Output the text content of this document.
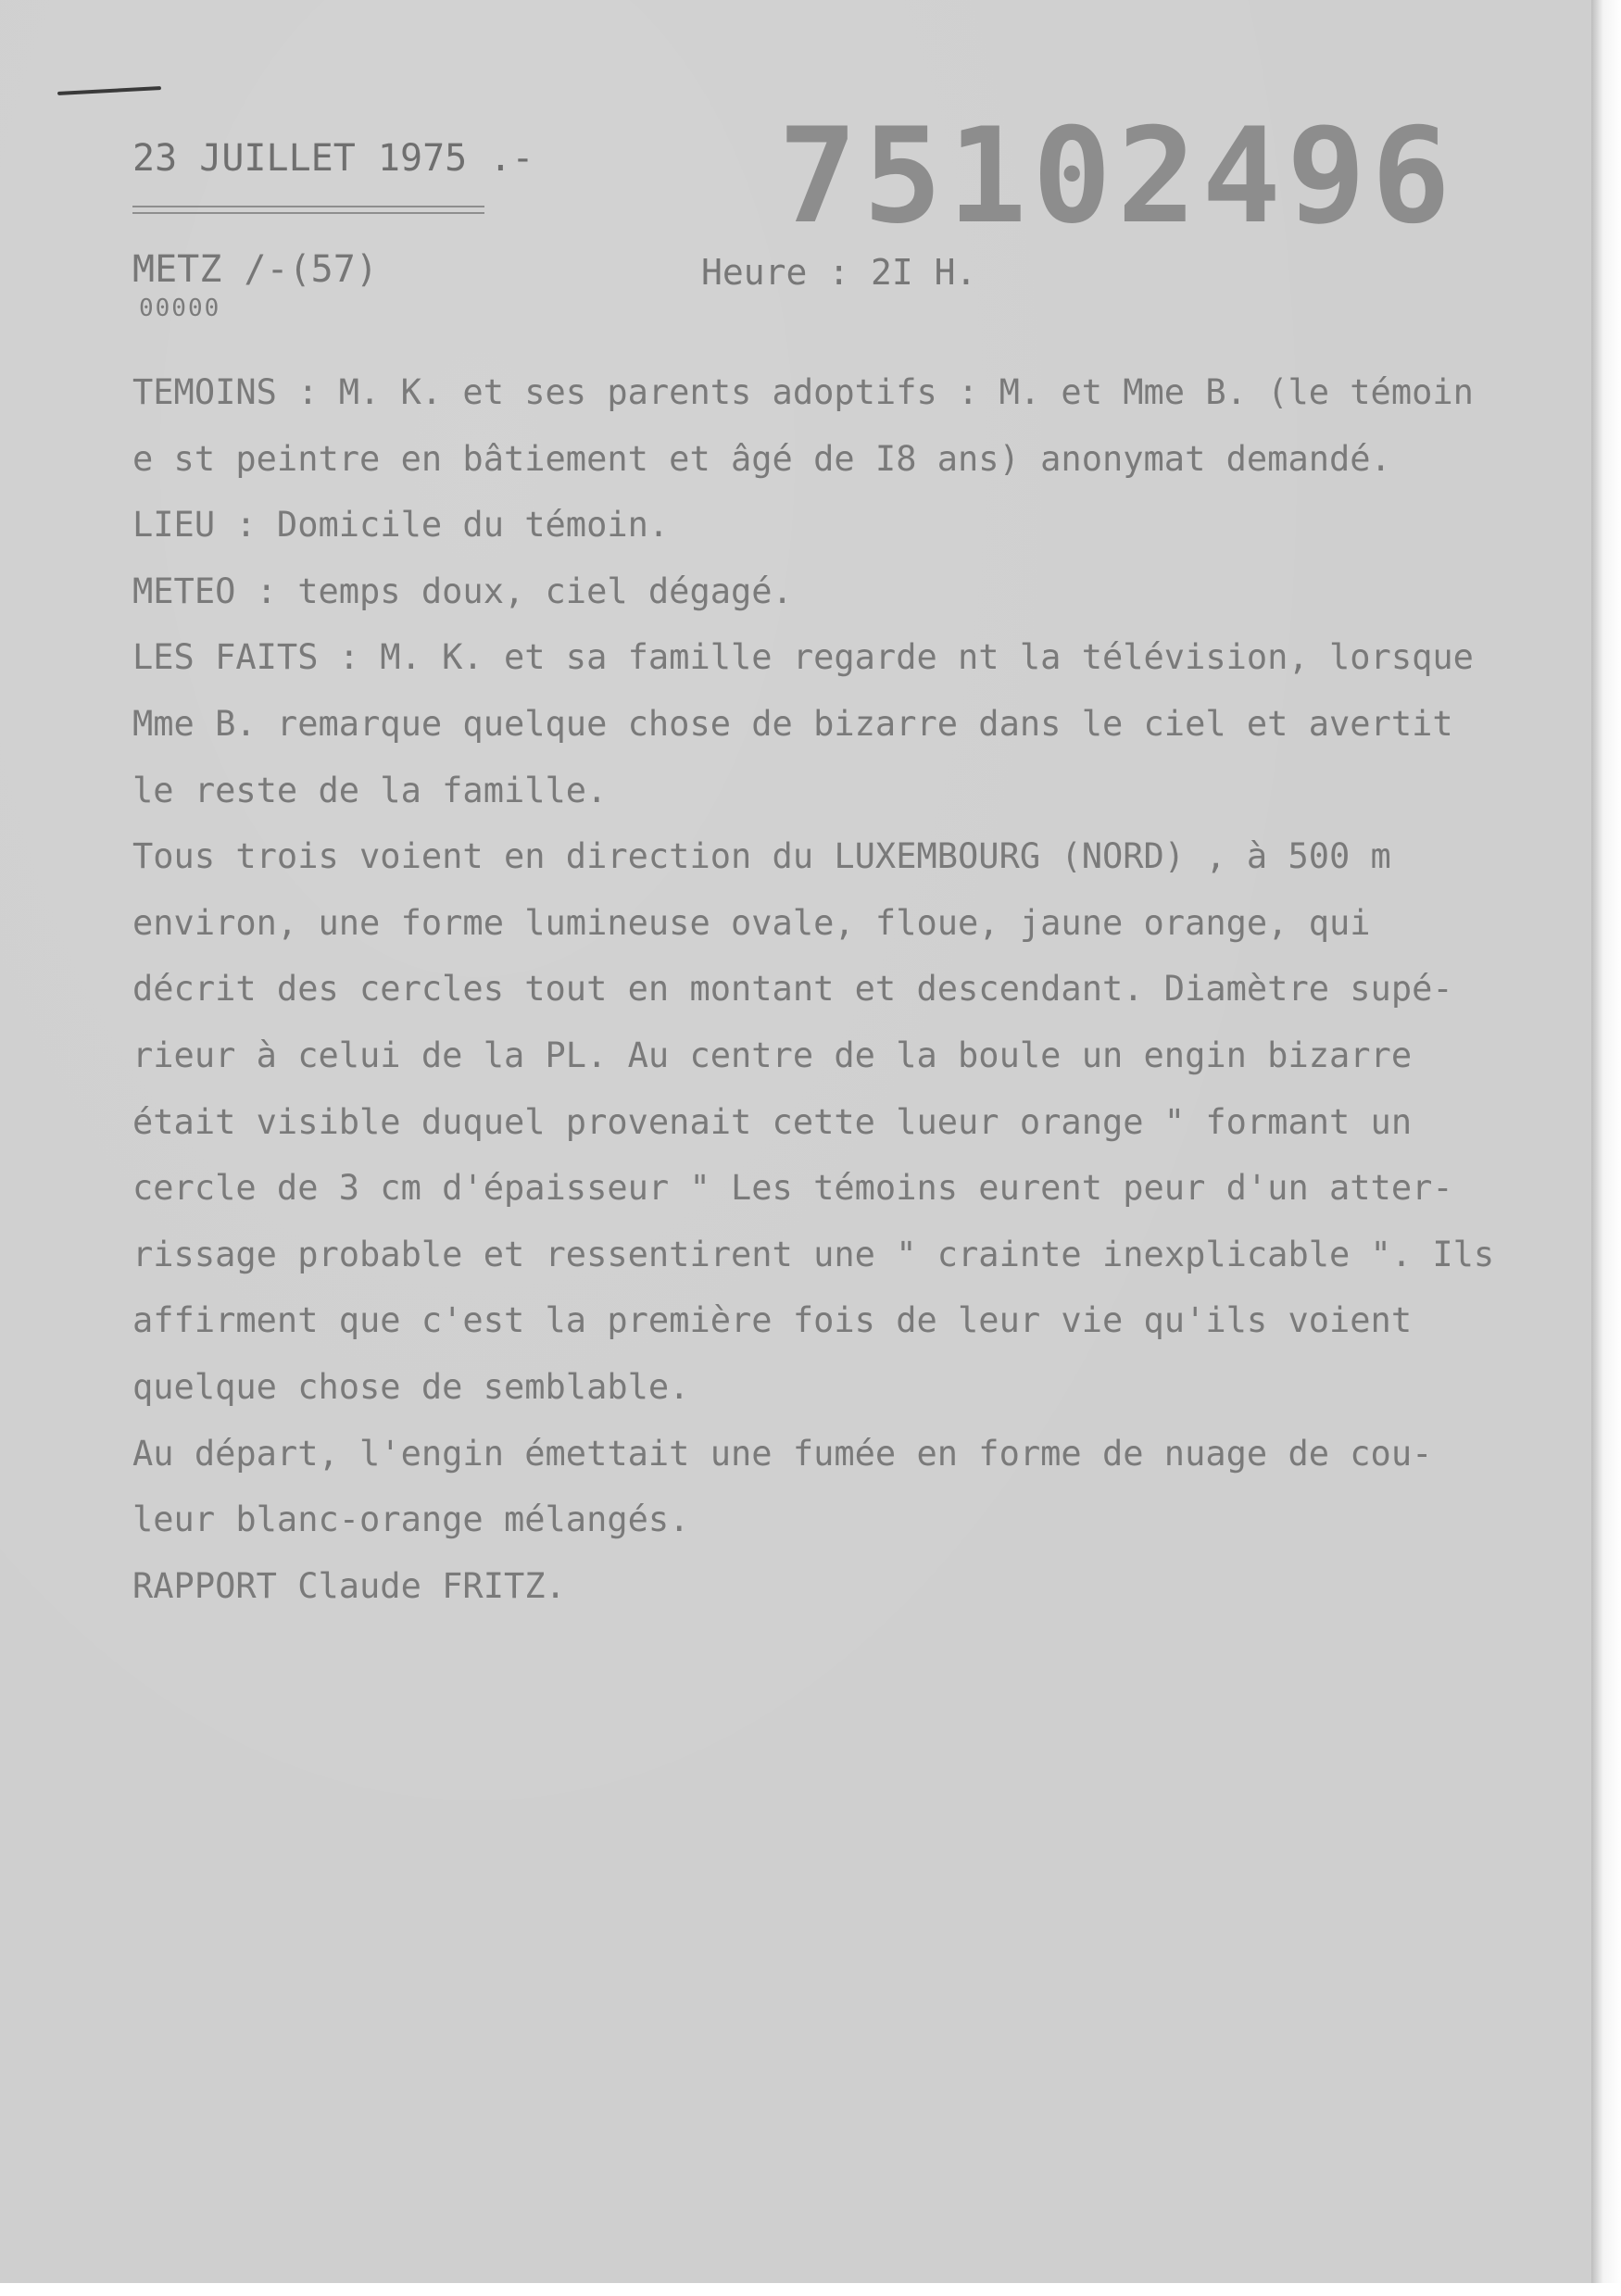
23 JUILLET 1975 .- 75102496
METZ /-(57)	Heure : 2I H.
00000
TEMOINS : M. K. et ses parents adoptifs : M. et Mme B. (le témoin
e st peintre en bâtiement et âgé de I8 ans) anonymat demandé.
LIEU : Domicile du témoin.
METEO : temps doux, ciel dégagé.
LES FAITS : M. K. et sa famille regarde nt la télévision, lorsque
Mme B. remarque quelque chose de bizarre dans le ciel et avertit
le reste de la famille.
Tous trois voient en direction du LUXEMBOURG (NORD) , à 500 m
environ, une forme lumineuse ovale, floue, jaune orange, qui
décrit des cercles tout en montant et descendant. Diamètre supé-
rieur à celui de la PL. Au centre de la boule un engin bizarre
était visible duquel provenait cette lueur orange " formant un
cercle de 3 cm d'épaisseur " Les témoins eurent peur d'un atter-
rissage probable et ressentirent une " crainte inexplicable ". Ils
affirment que c'est la première fois de leur vie qu'ils voient
quelque chose de semblable.
Au départ, l'engin émettait une fumée en forme de nuage de cou-
leur blanc-orange mélangés.
RAPPORT Claude FRITZ.
